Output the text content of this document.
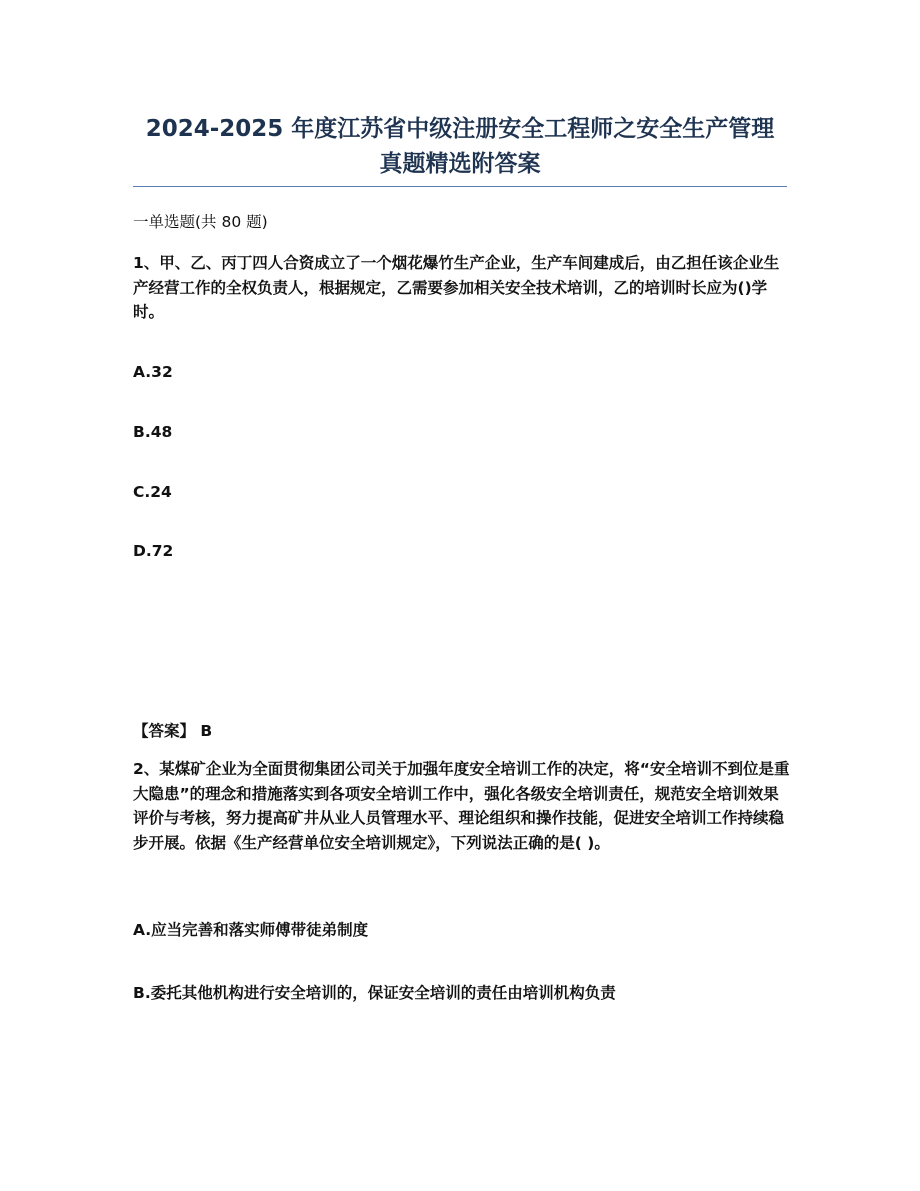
2024-2025 年度江苏省中级注册安全工程师之安全生产管理
真题精选附答案
一单选题(共 80 题)
1、甲、乙、丙丁四人合资成立了一个烟花爆竹生产企业，生产车间建成后，由乙担任该企业生产经营工作的全权负责人，根据规定，乙需要参加相关安全技术培训，乙的培训时长应为()学时。
A.32
B.48
C.24
D.72
【答案】 B
2、某煤矿企业为全面贯彻集团公司关于加强年度安全培训工作的决定，将“安全培训不到位是重大隐患”的理念和措施落实到各项安全培训工作中，强化各级安全培训责任，规范安全培训效果评价与考核，努力提高矿井从业人员管理水平、理论组织和操作技能，促进安全培训工作持续稳步开展。依据《生产经营单位安全培训规定》，下列说法正确的是( )。
A.应当完善和落实师傅带徒弟制度
B.委托其他机构进行安全培训的，保证安全培训的责任由培训机构负责
